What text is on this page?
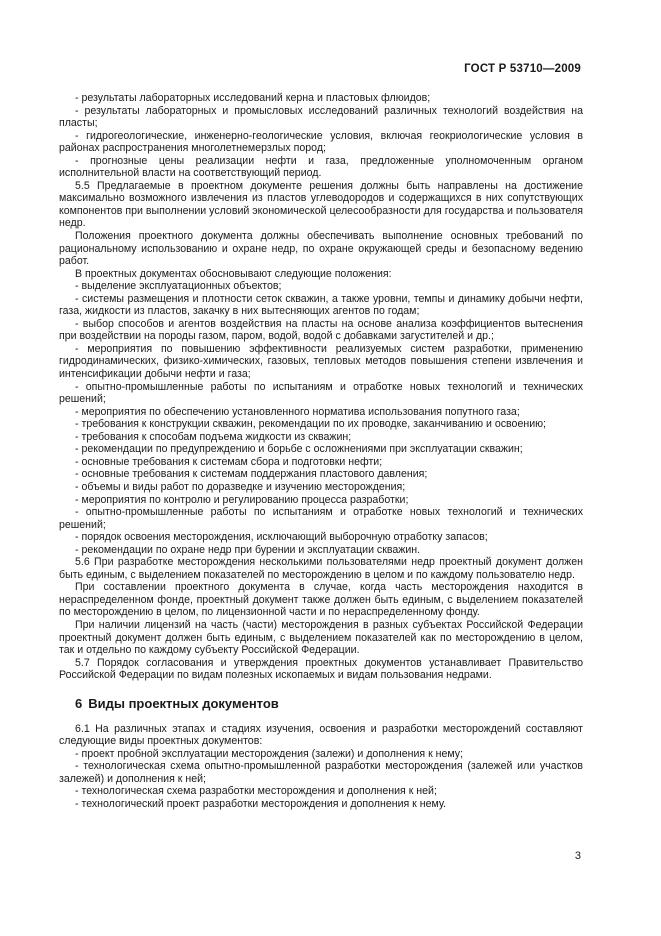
ГОСТ Р 53710—2009

- результаты лабораторных исследований керна и пластовых флюидов;

- результаты лабораторных и промысловых исследований различных технологий воздействия на пласты;

- гидрогеологические, инженерно-геологические условия, включая геокриологические условия в районах распространения многолетнемерзлых пород;

- прогнозные цены реализации нефти и газа, предложенные уполномоченным органом исполнительной власти на соответствующий период.

5.5 Предлагаемые в проектном документе решения должны быть направлены на достижение максимально возможного извлечения из пластов углеводородов и содержащихся в них сопутствующих компонентов при выполнении условий экономической целесообразности для государства и пользователя недр.

Положения проектного документа должны обеспечивать выполнение основных требований по рациональному использованию и охране недр, по охране окружающей среды и безопасному ведению работ.

В проектных документах обосновывают следующие положения:

- выделение эксплуатационных объектов;

- системы размещения и плотности сеток скважин, а также уровни, темпы и динамику добычи нефти, газа, жидкости из пластов, закачку в них вытесняющих агентов по годам;

- выбор способов и агентов воздействия на пласты на основе анализа коэффициентов вытеснения при воздействии на породы газом, паром, водой, водой с добавками загустителей и др.;

- мероприятия по повышению эффективности реализуемых систем разработки, применению гидродинамических, физико-химических, газовых, тепловых методов повышения степени извлечения и интенсификации добычи нефти и газа;

- опытно-промышленные работы по испытаниям и отработке новых технологий и технических решений;

- мероприятия по обеспечению установленного норматива использования попутного газа;

- требования к конструкции скважин, рекомендации по их проводке, заканчиванию и освоению;

- требования к способам подъема жидкости из скважин;

- рекомендации по предупреждению и борьбе с осложнениями при эксплуатации скважин;

- основные требования к системам сбора и подготовки нефти;

- основные требования к системам поддержания пластового давления;

- объемы и виды работ по доразведке и изучению месторождения;

- мероприятия по контролю и регулированию процесса разработки;

- опытно-промышленные работы по испытаниям и отработке новых технологий и технических решений;

- порядок освоения месторождения, исключающий выборочную отработку запасов;

- рекомендации по охране недр при бурении и эксплуатации скважин.

5.6 При разработке месторождения несколькими пользователями недр проектный документ должен быть единым, с выделением показателей по месторождению в целом и по каждому пользователю недр.

При составлении проектного документа в случае, когда часть месторождения находится в нераспределенном фонде, проектный документ также должен быть единым, с выделением показателей по месторождению в целом, по лицензионной части и по нераспределенному фонду.

При наличии лицензий на часть (части) месторождения в разных субъектах Российской Федерации проектный документ должен быть единым, с выделением показателей как по месторождению в целом, так и отдельно по каждому субъекту Российской Федерации.

5.7 Порядок согласования и утверждения проектных документов устанавливает Правительство Российской Федерации по видам полезных ископаемых и видам пользования недрами.

6 Виды проектных документов

6.1 На различных этапах и стадиях изучения, освоения и разработки месторождений составляют следующие виды проектных документов:

- проект пробной эксплуатации месторождения (залежи) и дополнения к нему;

- технологическая схема опытно-промышленной разработки месторождения (залежей или участков залежей) и дополнения к ней;

- технологическая схема разработки месторождения и дополнения к ней;

- технологический проект разработки месторождения и дополнения к нему.

3
